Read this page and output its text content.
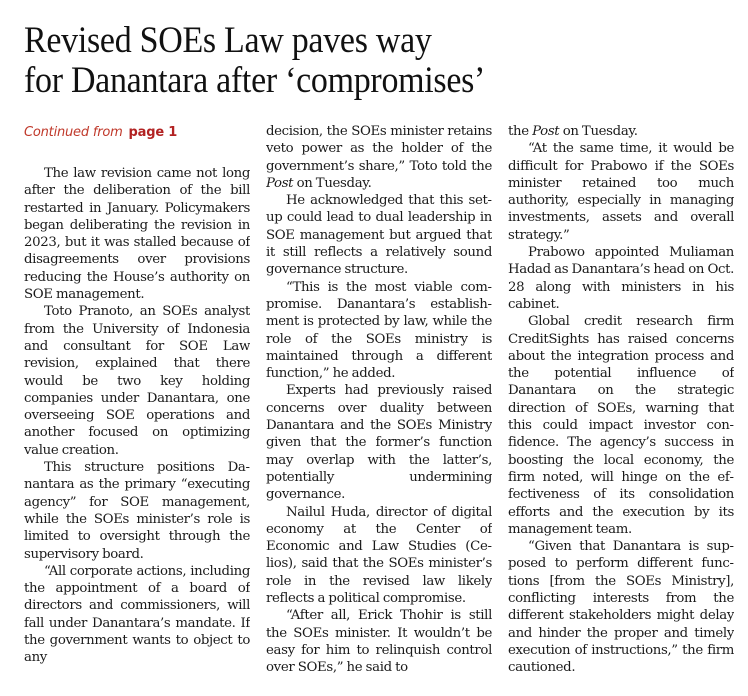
Revised SOEs Law paves way
for Danantara after ‘compromises’
Continued from page 1

The law revision came not long after the deliberation of the bill restarted in January. Policymakers began deliberating the revision in 2023, but it was stalled because of disagreements over provisions reducing the House’s authority on SOE management.

Toto Pranoto, an SOEs analyst from the University of Indonesia and consultant for SOE Law revision, explained that there would be two key holding companies under Danantara, one overseeing SOE operations and another focused on optimizing value creation.

This structure positions Danantara as the primary “executing agency” for SOE management, while the SOEs minister’s role is limited to oversight through the supervisory board.

“All corporate actions, including the appointment of a board of directors and commissioners, will fall under Danantara’s mandate. If the government wants to object to any

decision, the SOEs minister retains veto power as the holder of the government’s share,” Toto told the Post on Tuesday.

He acknowledged that this setup could lead to dual leadership in SOE management but argued that it still reflects a relatively sound governance structure.

“This is the most viable compromise. Danantara’s establishment is protected by law, while the role of the SOEs ministry is maintained through a different function,” he added.

Experts had previously raised concerns over duality between Danantara and the SOEs Ministry given that the former’s function may overlap with the latter’s, potentially undermining governance.

Nailul Huda, director of digital economy at the Center of Economic and Law Studies (Celios), said that the SOEs minister’s role in the revised law likely reflects a political compromise.

“After all, Erick Thohir is still the SOEs minister. It wouldn’t be easy for him to relinquish control over SOEs,” he said to

the Post on Tuesday.

“At the same time, it would be difficult for Prabowo if the SOEs minister retained too much authority, especially in managing investments, assets and overall strategy.”

Prabowo appointed Muliaman Hadad as Danantara’s head on Oct. 28 along with ministers in his cabinet.

Global credit research firm CreditSights has raised concerns about the integration process and the potential influence of Danantara on the strategic direction of SOEs, warning that this could impact investor confidence. The agency’s success in boosting the local economy, the firm noted, will hinge on the effectiveness of its consolidation efforts and the execution by its management team.

“Given that Danantara is supposed to perform different functions [from the SOEs Ministry], conflicting interests from the different stakeholders might delay and hinder the proper and timely execution of instructions,” the firm cautioned.
